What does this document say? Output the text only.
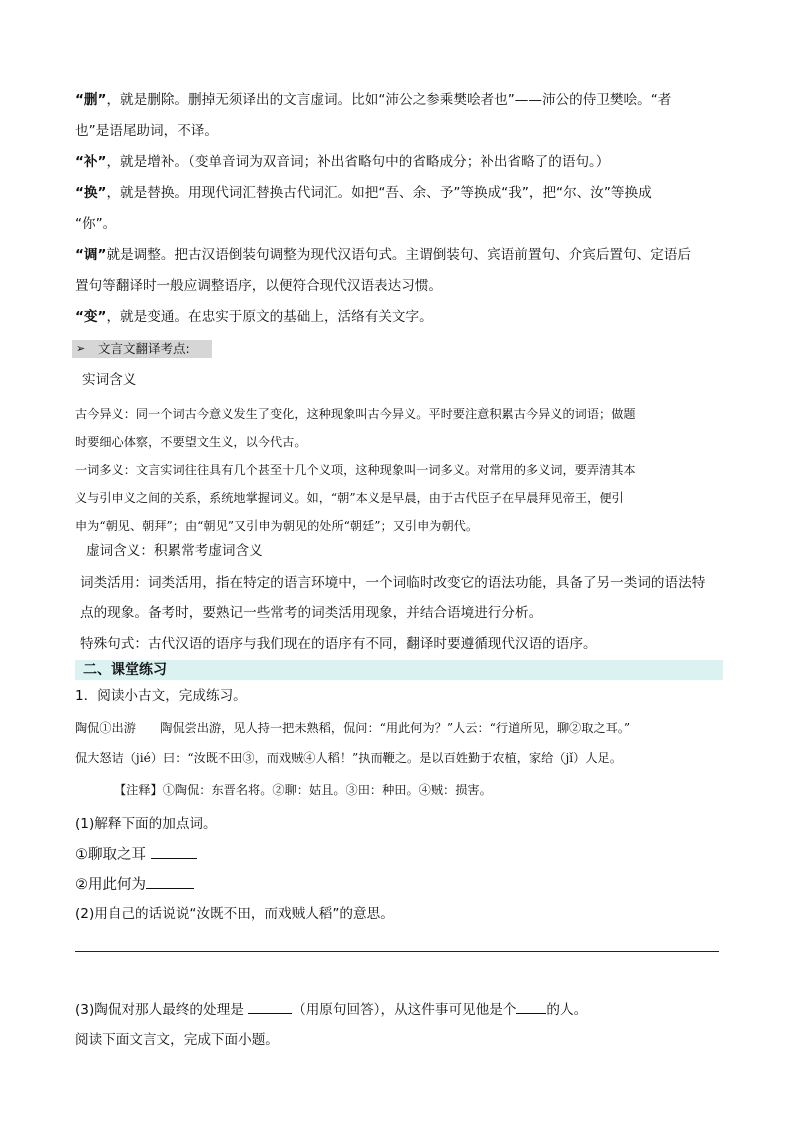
“删”，就是删除。删掉无须译出的文言虚词。比如“沛公之参乘樊哙者也”——沛公的侍卫樊哙。“者
也”是语尾助词，不译。
“补”，就是增补。（变单音词为双音词；补出省略句中的省略成分；补出省略了的语句。）
“换”，就是替换。用现代词汇替换古代词汇。如把“吾、余、予”等换成“我”，把“尔、汝”等换成
“你”。
“调”就是调整。把古汉语倒装句调整为现代汉语句式。主谓倒装句、宾语前置句、介宾后置句、定语后
置句等翻译时一般应调整语序，以便符合现代汉语表达习惯。
“变”，就是变通。在忠实于原文的基础上，活络有关文字。
➢ 文言文翻译考点:
实词含义
古今异义：同一个词古今意义发生了变化，这种现象叫古今异义。平时要注意积累古今异义的词语；做题
时要细心体察，不要望文生义，以今代古。
一词多义：文言实词往往具有几个甚至十几个义项，这种现象叫一词多义。对常用的多义词，要弄清其本
义与引申义之间的关系，系统地掌握词义。如，“朝”本义是早晨，由于古代臣子在早晨拜见帝王，便引
申为“朝见、朝拜”；由“朝见”又引申为朝见的处所“朝廷”；又引申为朝代。
虚词含义：积累常考虚词含义
词类活用：词类活用，指在特定的语言环境中，一个词临时改变它的语法功能，具备了另一类词的语法特
点的现象。备考时，要熟记一些常考的词类活用现象，并结合语境进行分析。
特殊句式：古代汉语的语序与我们现在的语序有不同，翻译时要遵循现代汉语的语序。
二、课堂练习
1．阅读小古文，完成练习。
陶侃①出游　　陶侃尝出游，见人持一把未熟稻，侃问：“用此何为？”人云：“行道所见，聊②取之耳。”
侃大怒诘（jié）曰：“汝既不田③，而戏贼④人稻！”执而鞭之。是以百姓勤于农植，家给（jǐ）人足。
【注释】①陶侃：东晋名将。②聊：姑且。③田：种田。④贼：损害。
(1)解释下面的加点词。
①聊取之耳
②用此何为
(2)用自己的话说说“汝既不田，而戏贼人稻”的意思。
(3)陶侃对那人最终的处理是	（用原句回答），从这件事可见他是个 的人。
阅读下面文言文，完成下面小题。
